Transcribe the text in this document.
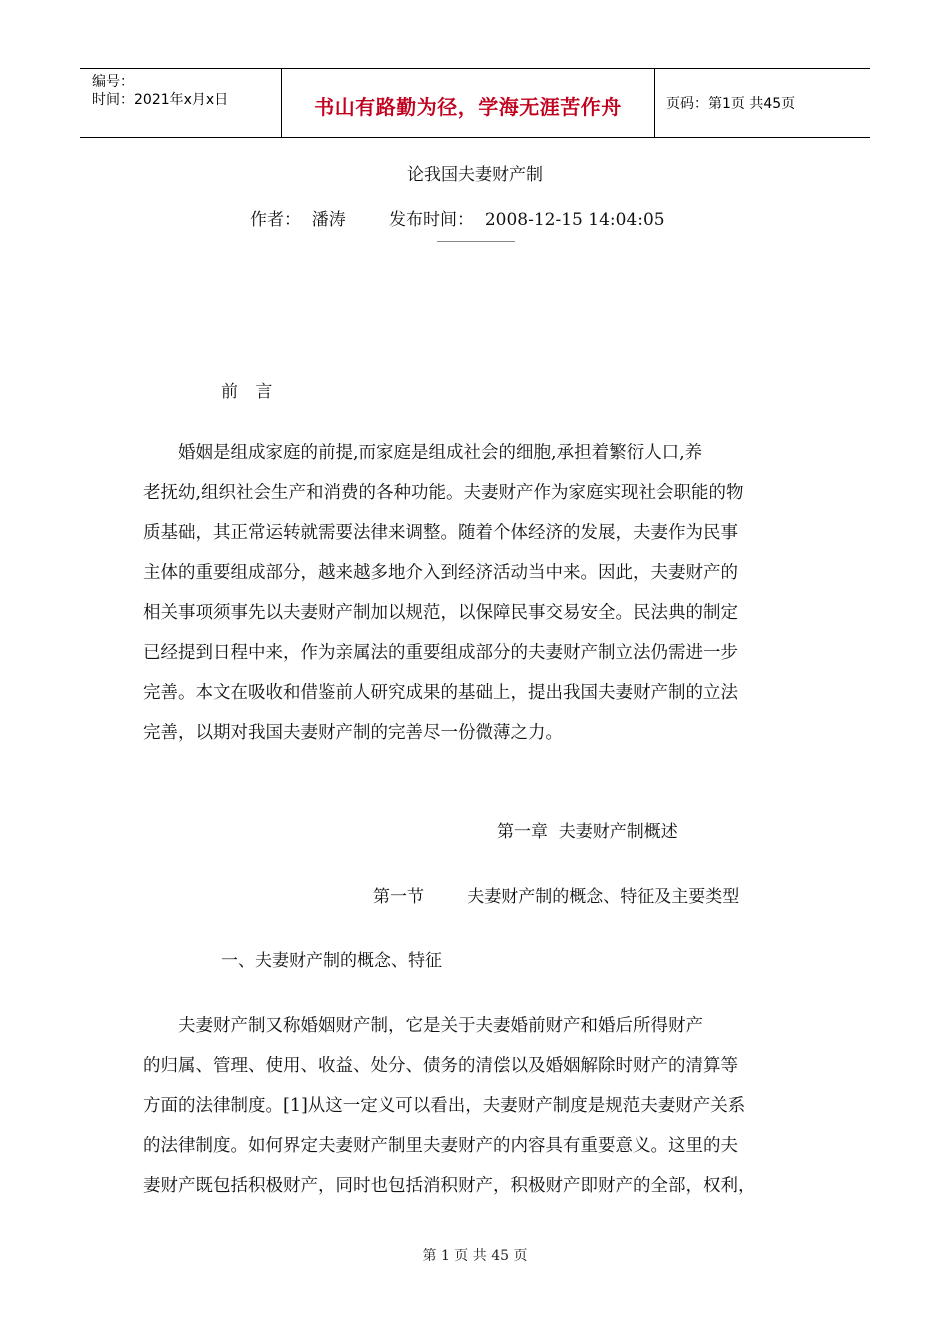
编号：
时间：2021年x月x日	书山有路勤为径，学海无涯苦作舟	页码：第1页 共45页
论我国夫妻财产制
作者：  潘涛        发布时间：  2008-12-15 14:04:05
前 言
　　婚姻是组成家庭的前提,而家庭是组成社会的细胞,承担着繁衍人口,养
老抚幼,组织社会生产和消费的各种功能。夫妻财产作为家庭实现社会职能的物
质基础，其正常运转就需要法律来调整。随着个体经济的发展，夫妻作为民事
主体的重要组成部分，越来越多地介入到经济活动当中来。因此，夫妻财产的
相关事项须事先以夫妻财产制加以规范，以保障民事交易安全。民法典的制定
已经提到日程中来，作为亲属法的重要组成部分的夫妻财产制立法仍需进一步
完善。本文在吸收和借鉴前人研究成果的基础上，提出我国夫妻财产制的立法
完善，以期对我国夫妻财产制的完善尽一份微薄之力。
第一章  夫妻财产制概述
第一节        夫妻财产制的概念、特征及主要类型
一、夫妻财产制的概念、特征
　　夫妻财产制又称婚姻财产制，它是关于夫妻婚前财产和婚后所得财产
的归属、管理、使用、收益、处分、债务的清偿以及婚姻解除时财产的清算等
方面的法律制度。[1]从这一定义可以看出，夫妻财产制度是规范夫妻财产关系
的法律制度。如何界定夫妻财产制里夫妻财产的内容具有重要意义。这里的夫
妻财产既包括积极财产，同时也包括消积财产，积极财产即财产的全部，权利，
第 1 页 共 45 页
